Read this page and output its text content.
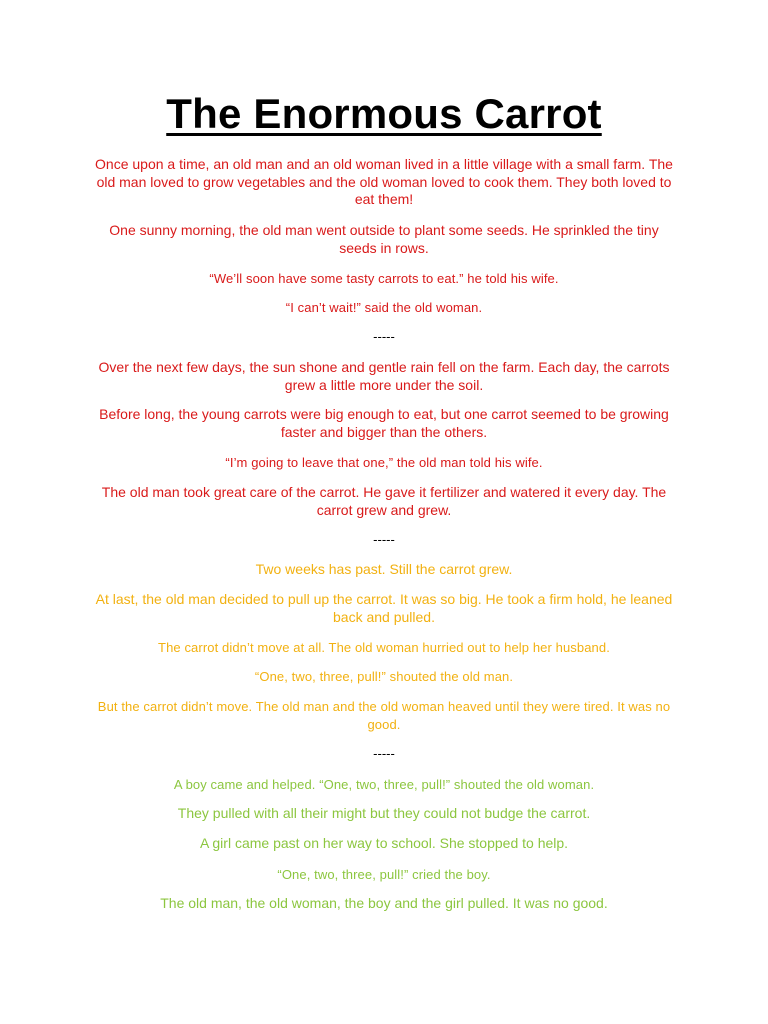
The Enormous Carrot

Once upon a time, an old man and an old woman lived in a little village with a small farm. The old man loved to grow vegetables and the old woman loved to cook them. They both loved to eat them!

One sunny morning, the old man went outside to plant some seeds. He sprinkled the tiny seeds in rows.

“We’ll soon have some tasty carrots to eat.” he told his wife.

“I can’t wait!” said the old woman.

-----

Over the next few days, the sun shone and gentle rain fell on the farm. Each day, the carrots grew a little more under the soil.

Before long, the young carrots were big enough to eat, but one carrot seemed to be growing faster and bigger than the others.

“I’m going to leave that one,” the old man told his wife.

The old man took great care of the carrot. He gave it fertilizer and watered it every day. The carrot grew and grew.

-----

Two weeks has past. Still the carrot grew.

At last, the old man decided to pull up the carrot. It was so big. He took a firm hold, he leaned back and pulled.

The carrot didn’t move at all. The old woman hurried out to help her husband.

“One, two, three, pull!” shouted the old man.

But the carrot didn’t move. The old man and the old woman heaved until they were tired. It was no good.

-----

A boy came and helped. “One, two, three, pull!” shouted the old woman.

They pulled with all their might but they could not budge the carrot.

A girl came past on her way to school. She stopped to help.

“One, two, three, pull!” cried the boy.

The old man, the old woman, the boy and the girl pulled. It was no good.
